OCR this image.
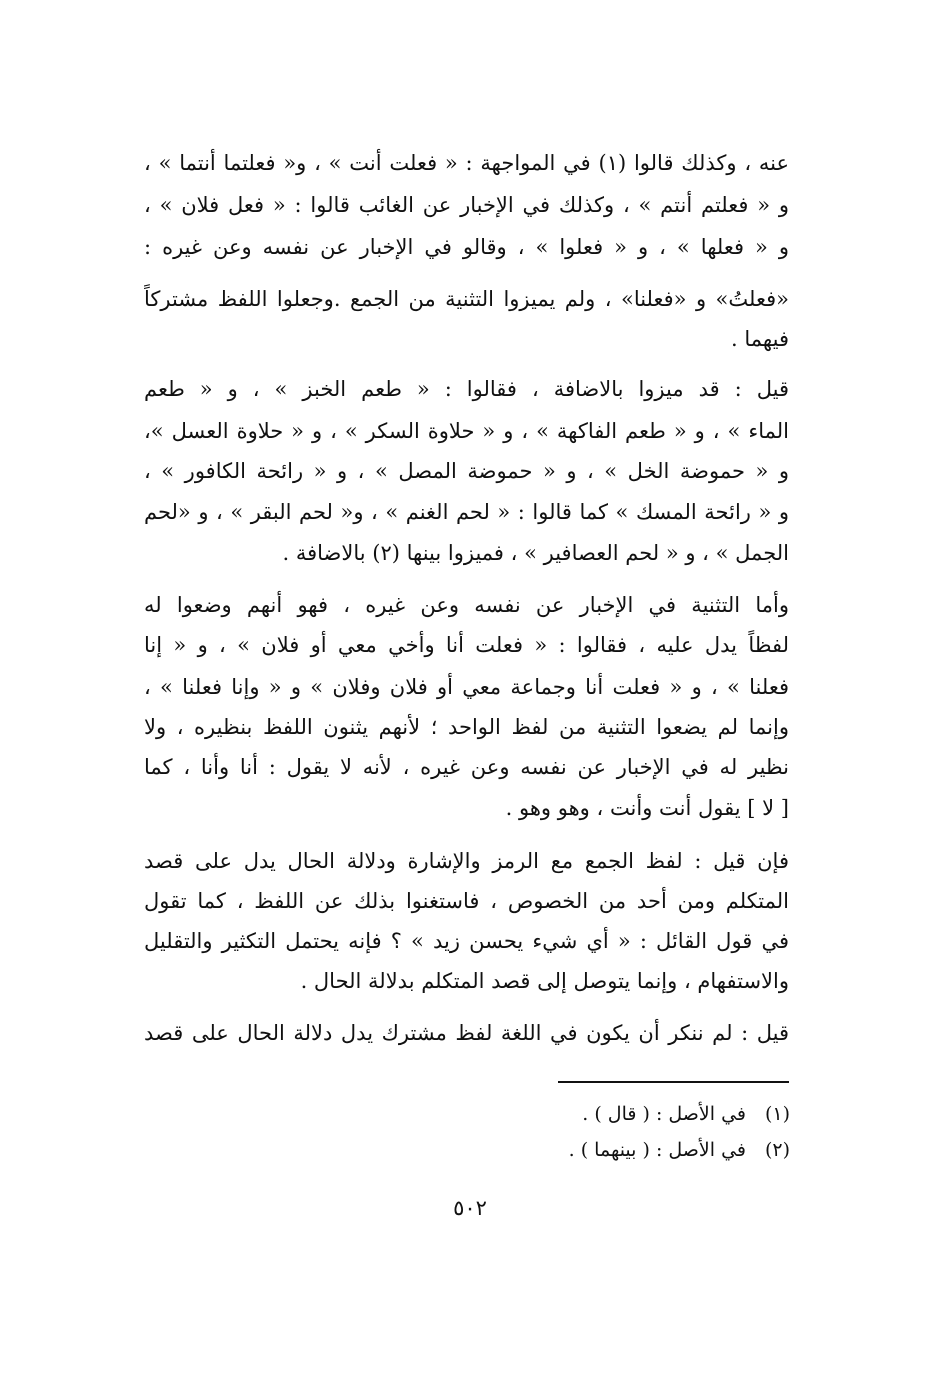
عنه ، وكذلك قالوا (١) في المواجهة : « فعلت أنت » ، و« فعلتما أنتما » ،
و « فعلتم أنتم » ، وكذلك في الإخبار عن الغائب قالوا : « فعل فلان » ،
و « فعلها » ، و « فعلوا » ، وقالو في الإخبار عن نفسه وعن غيره :
«فعلتُ» و «فعلنا» ، ولم يميزوا التثنية من الجمع .وجعلوا اللفظ مشتركاً
فيهما .
قيل : قد ميزوا بالاضافة ، فقالوا : « طعم الخبز » ، و « طعم
الماء » ، و « طعم الفاكهة » ، و « حلاوة السكر » ، و « حلاوة العسل »،
و « حموضة الخل » ، و « حموضة المصل » ، و « رائحة الكافور » ،
و « رائحة المسك » كما قالوا : « لحم الغنم » ، و« لحم البقر » ، و «لحم
الجمل » ، و « لحم العصافير » ، فميزوا بينها (٢) بالاضافة .
وأما التثنية في الإخبار عن نفسه وعن غيره ، فهو أنهم وضعوا له
لفظاً يدل عليه ، فقالوا : « فعلت أنا وأخي معي أو فلان » ، و « إنا
فعلنا » ، و « فعلت أنا وجماعة معي أو فلان وفلان » و « وإنا فعلنا » ،
وإنما لم يضعوا التثنية من لفظ الواحد ؛ لأنهم يثنون اللفظ بنظيره ، ولا
نظير له في الإخبار عن نفسه وعن غيره ، لأنه لا يقول : أنا وأنا ، كما
[ لا ] يقول أنت وأنت ، وهو وهو .
فإن قيل : لفظ الجمع مع الرمز والإشارة ودلالة الحال يدل على قصد
المتكلم ومن أحد من الخصوص ، فاستغنوا بذلك عن اللفظ ، كما تقول
في قول القائل : « أي شيء يحسن زيد » ؟ فإنه يحتمل التكثير والتقليل
والاستفهام ، وإنما يتوصل إلى قصد المتكلم بدلالة الحال .
قيل : لم ننكر أن يكون في اللغة لفظ مشترك يدل دلالة الحال على قصد
(١)في الأصل : ( قال ) .
(٢)في الأصل : ( بينهما ) .
٥٠٢
